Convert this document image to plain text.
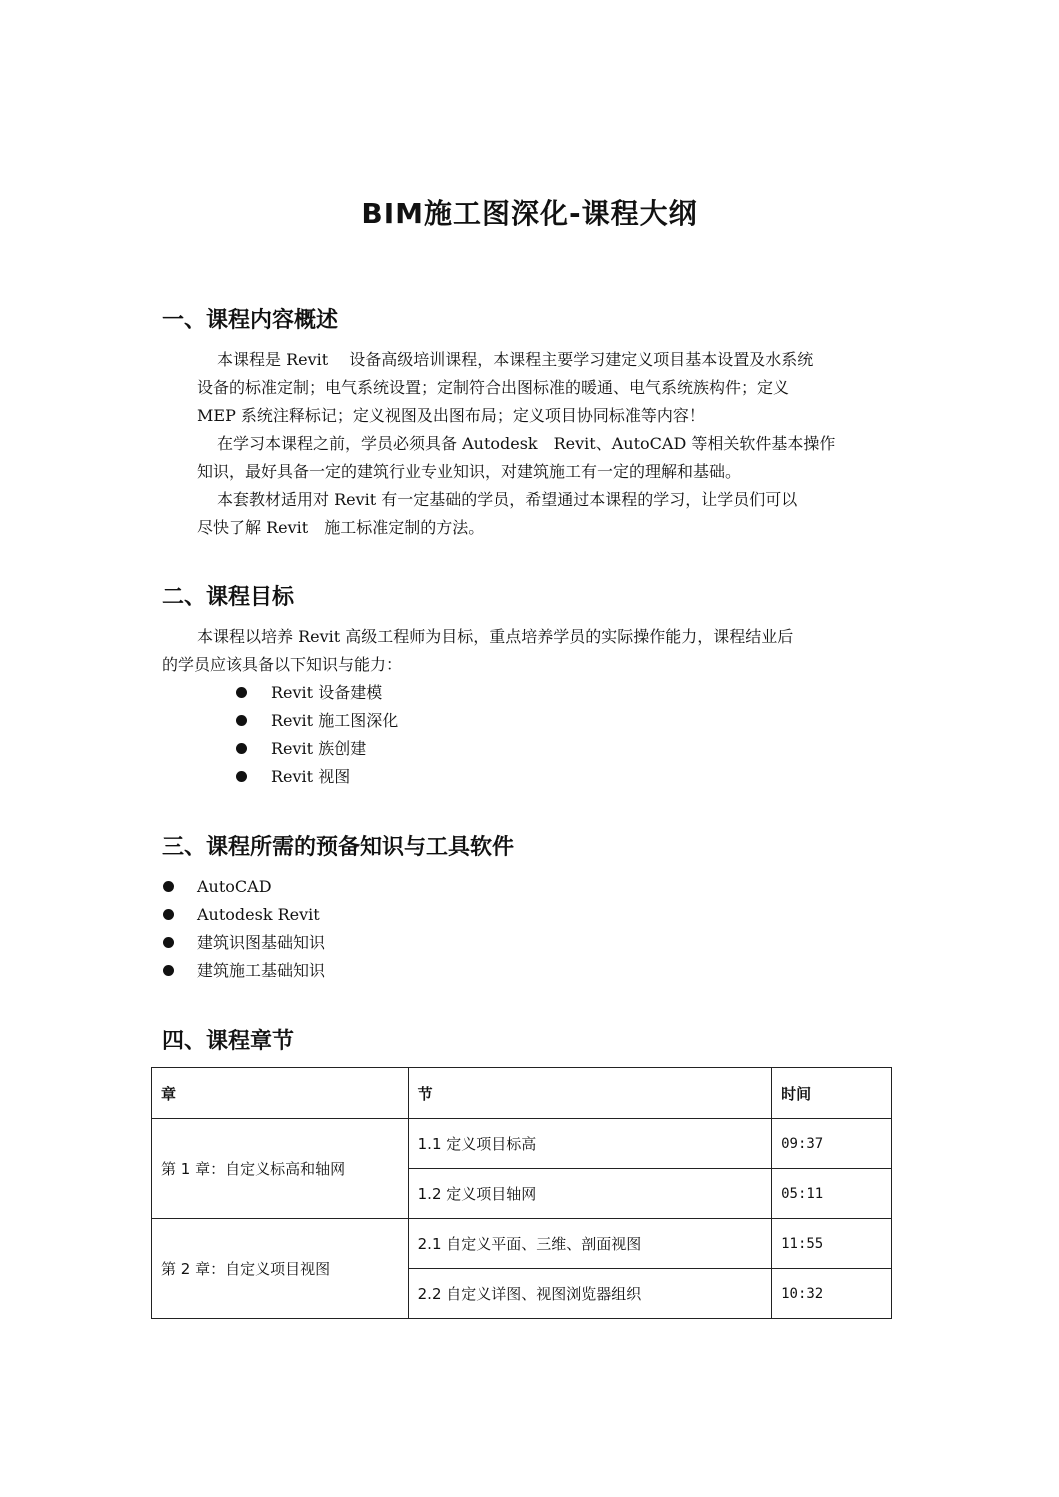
BIM施工图深化-课程大纲
一、课程内容概述

本课程是 Revit　 设备高级培训课程，本课程主要学习建定义项目基本设置及水系统

设备的标准定制；电气系统设置；定制符合出图标准的暖通、电气系统族构件；定义

MEP 系统注释标记；定义视图及出图布局；定义项目协同标准等内容！

在学习本课程之前，学员必须具备 Autodesk　Revit、AutoCAD 等相关软件基本操作

知识，最好具备一定的建筑行业专业知识，对建筑施工有一定的理解和基础。

本套教材适用对 Revit 有一定基础的学员，希望通过本课程的学习，让学员们可以

尽快了解 Revit　施工标准定制的方法。

二、课程目标

本课程以培养 Revit 高级工程师为目标，重点培养学员的实际操作能力，课程结业后

的学员应该具备以下知识与能力：

Revit 设备建模
Revit 施工图深化
Revit 族创建
Revit 视图
三、课程所需的预备知识与工具软件
AutoCAD
Autodesk Revit
建筑识图基础知识
建筑施工基础知识
四、课程章节
章	节	时间
第 1 章：自定义标高和轴网	1.1 定义项目标高	09:37
	1.2 定义项目轴网	05:11
第 2 章：自定义项目视图	2.1 自定义平面、三维、剖面视图	11:55
	2.2 自定义详图、视图浏览器组织	10:32
